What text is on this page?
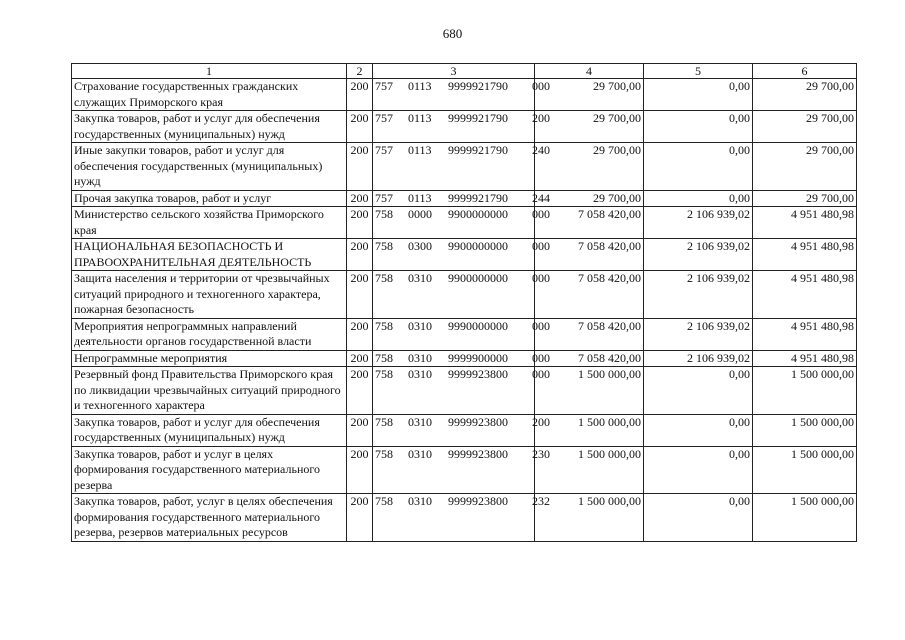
680
1	2	3	4	5	6
Страхование государственных гражданских служащих Приморского края	200	757 0113 9999921790 000	29 700,00	0,00	29 700,00
Закупка товаров, работ и услуг для обеспечения государственных (муниципальных) нужд	200	757 0113 9999921790 200	29 700,00	0,00	29 700,00
Иные закупки товаров, работ и услуг для обеспечения государственных (муниципальных) нужд	200	757 0113 9999921790 240	29 700,00	0,00	29 700,00
Прочая закупка товаров, работ и услуг	200	757 0113 9999921790 244	29 700,00	0,00	29 700,00
Министерство сельского хозяйства Приморского края	200	758 0000 9900000000 000	7 058 420,00	2 106 939,02	4 951 480,98
НАЦИОНАЛЬНАЯ БЕЗОПАСНОСТЬ И ПРАВООХРАНИТЕЛЬНАЯ ДЕЯТЕЛЬНОСТЬ	200	758 0300 9900000000 000	7 058 420,00	2 106 939,02	4 951 480,98
Защита населения и территории от чрезвычайных ситуаций природного и техногенного характера, пожарная безопасность	200	758 0310 9900000000 000	7 058 420,00	2 106 939,02	4 951 480,98
Мероприятия непрограммных направлений деятельности органов государственной власти	200	758 0310 9990000000 000	7 058 420,00	2 106 939,02	4 951 480,98
Непрограммные мероприятия	200	758 0310 9999900000 000	7 058 420,00	2 106 939,02	4 951 480,98
Резервный фонд Правительства Приморского края по ликвидации чрезвычайных ситуаций природного и техногенного характера	200	758 0310 9999923800 000	1 500 000,00	0,00	1 500 000,00
Закупка товаров, работ и услуг для обеспечения государственных (муниципальных) нужд	200	758 0310 9999923800 200	1 500 000,00	0,00	1 500 000,00
Закупка товаров, работ и услуг в целях формирования государственного материального резерва	200	758 0310 9999923800 230	1 500 000,00	0,00	1 500 000,00
Закупка товаров, работ, услуг в целях обеспечения формирования государственного материального резерва, резервов материальных ресурсов	200	758 0310 9999923800 232	1 500 000,00	0,00	1 500 000,00
